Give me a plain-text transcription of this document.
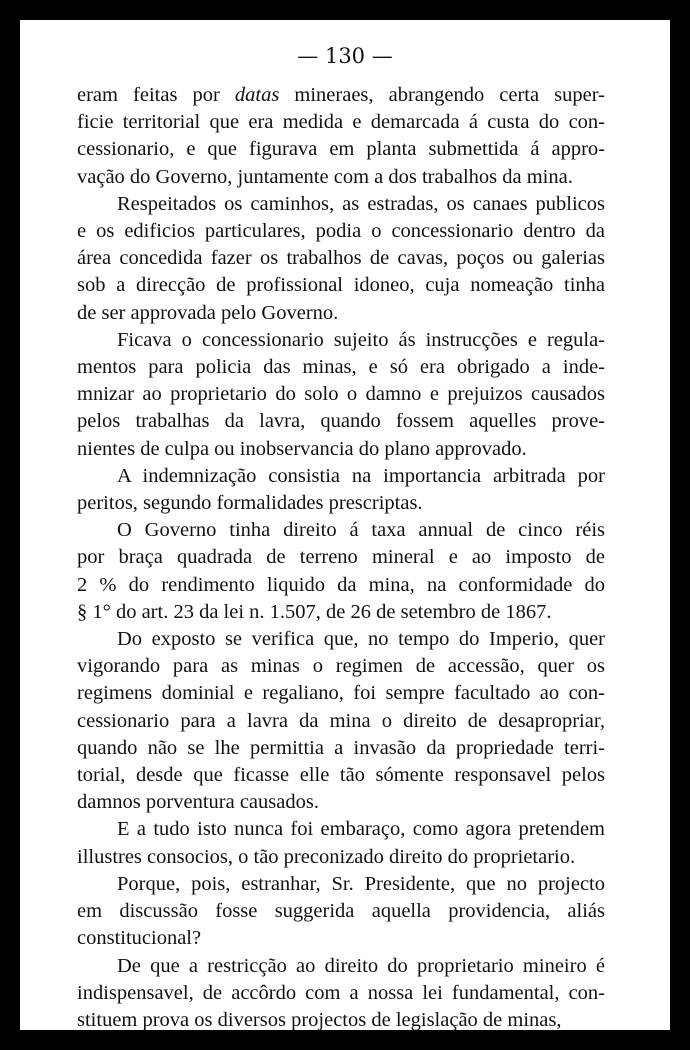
— 130 —
eram feitas por datas mineraes, abrangendo certa super-
ficie territorial que era medida e demarcada á custa do con-
cessionario, e que figurava em planta submettida á appro-
vação do Governo, juntamente com a dos trabalhos da mina.
Respeitados os caminhos, as estradas, os canaes publicos
e os edificios particulares, podia o concessionario dentro da
área concedida fazer os trabalhos de cavas, poços ou galerias
sob a direcção de profissional idoneo, cuja nomeação tinha
de ser approvada pelo Governo.
Ficava o concessionario sujeito ás instrucções e regula-
mentos para policia das minas, e só era obrigado a inde-
mnizar ao proprietario do solo o damno e prejuizos causados
pelos trabalhas da lavra, quando fossem aquelles prove-
nientes de culpa ou inobservancia do plano approvado.
A indemnização consistia na importancia arbitrada por
peritos, segundo formalidades prescriptas.
O Governo tinha direito á taxa annual de cinco réis
por braça quadrada de terreno mineral e ao imposto de
2 % do rendimento liquido da mina, na conformidade do
§ 1° do art. 23 da lei n. 1.507, de 26 de setembro de 1867.
Do exposto se verifica que, no tempo do Imperio, quer
vigorando para as minas o regimen de accessão, quer os
regimens dominial e regaliano, foi sempre facultado ao con-
cessionario para a lavra da mina o direito de desapropriar,
quando não se lhe permittia a invasão da propriedade terri-
torial, desde que ficasse elle tão sómente responsavel pelos
damnos porventura causados.
E a tudo isto nunca foi embaraço, como agora pretendem
illustres consocios, o tão preconizado direito do proprietario.
Porque, pois, estranhar, Sr. Presidente, que no projecto
em discussão fosse suggerida aquella providencia, aliás
constitucional?
De que a restricção ao direito do proprietario mineiro é
indispensavel, de accôrdo com a nossa lei fundamental, con-
stituem prova os diversos projectos de legislação de minas,
